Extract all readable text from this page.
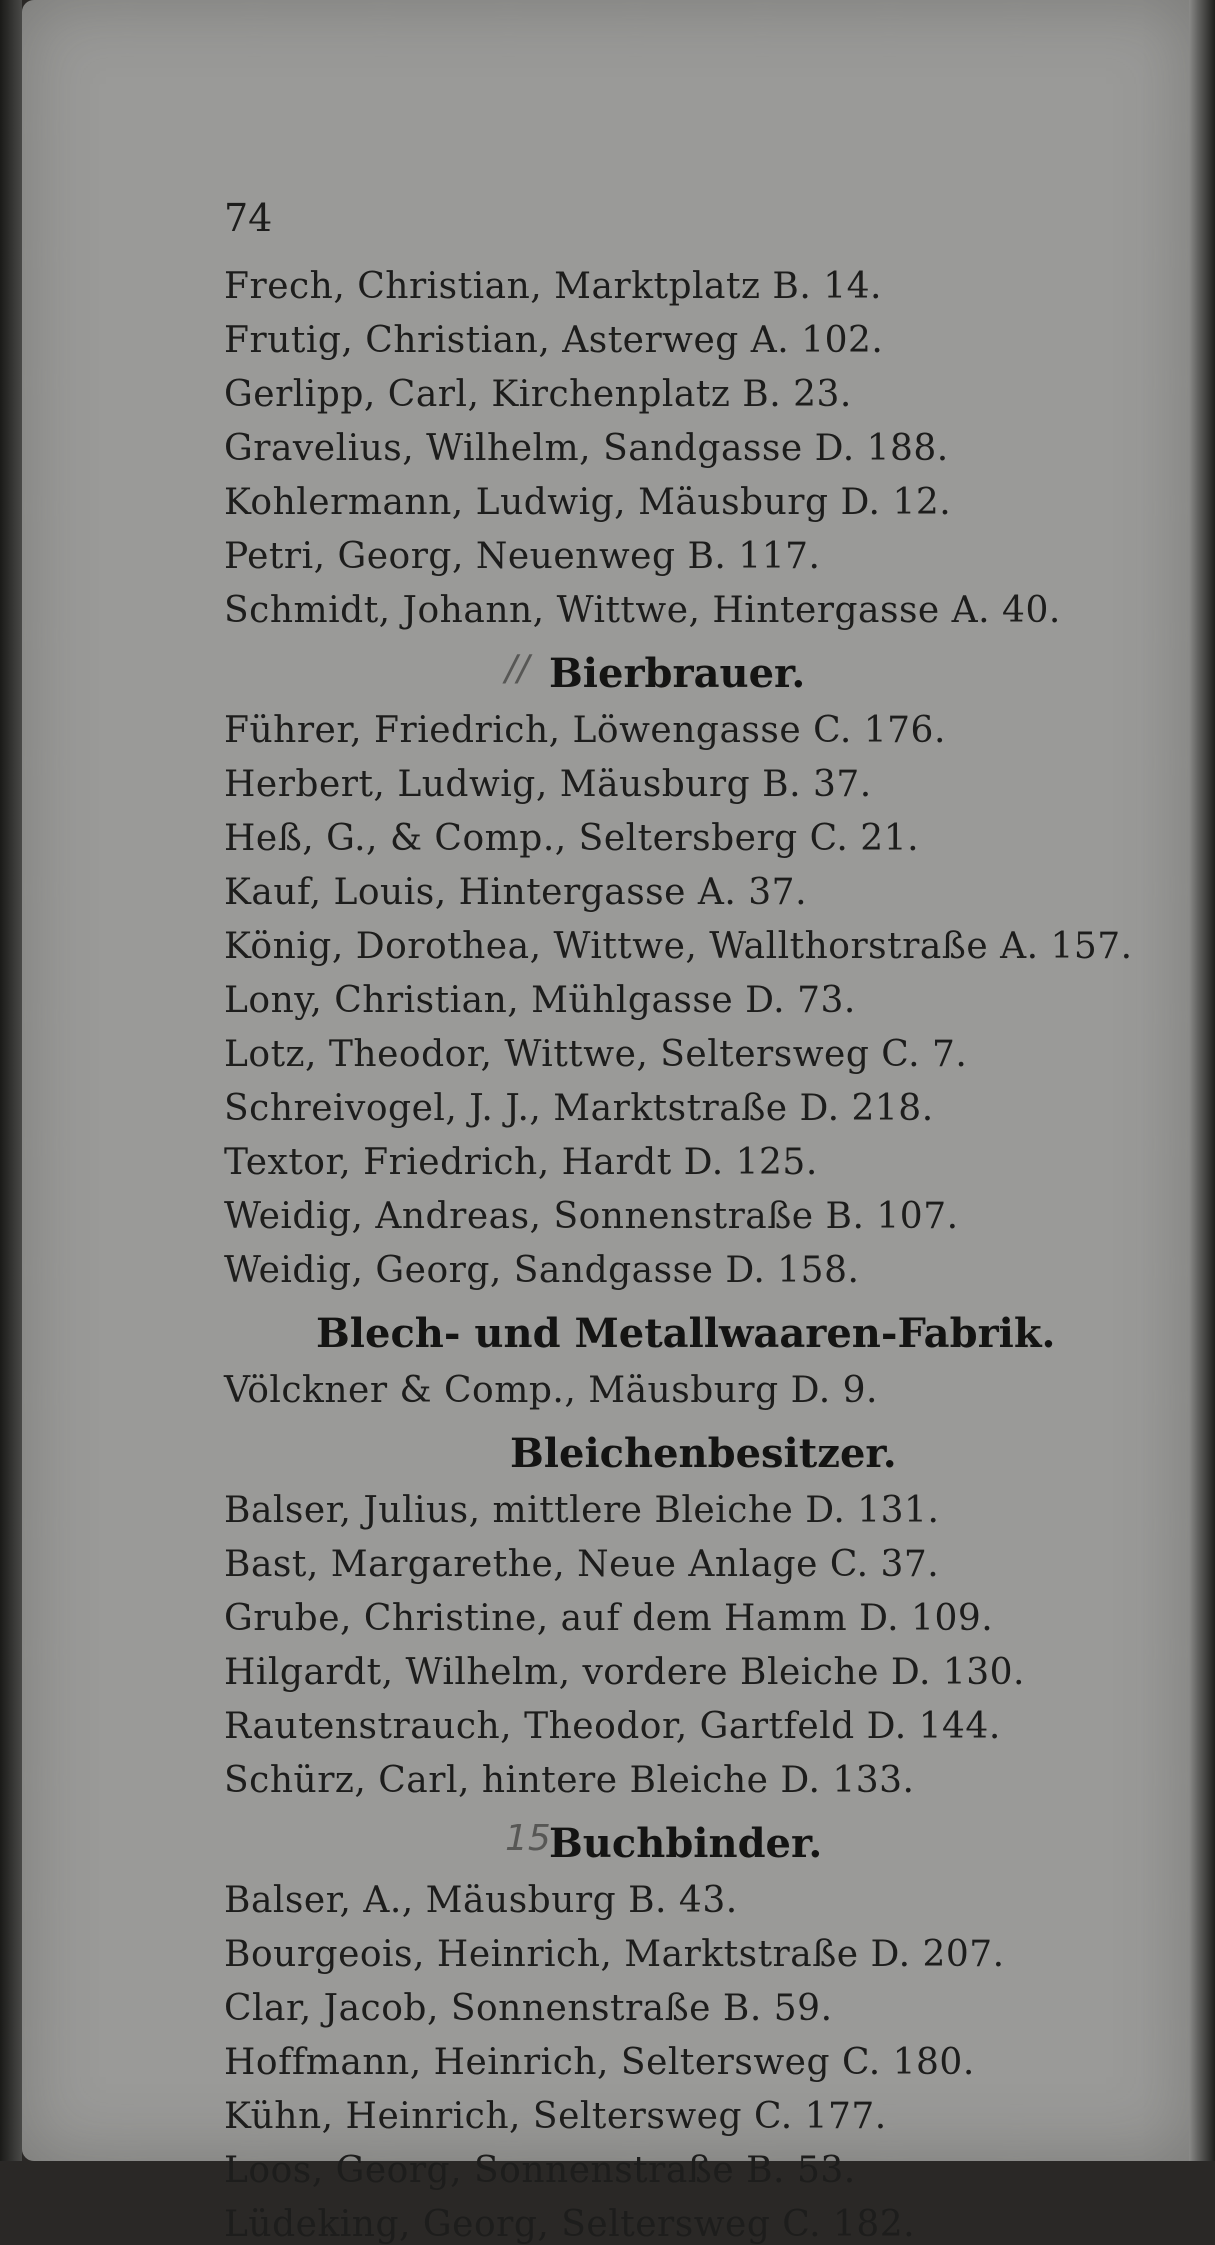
74
Frech, Christian, Marktplatz B. 14.
Frutig, Christian, Asterweg A. 102.
Gerlipp, Carl, Kirchenplatz B. 23.
Gravelius, Wilhelm, Sandgasse D. 188.
Kohlermann, Ludwig, Mäusburg D. 12.
Petri, Georg, Neuenweg B. 117.
Schmidt, Johann, Wittwe, Hintergasse A. 40.
// Bierbrauer.
Führer, Friedrich, Löwengasse C. 176.
Herbert, Ludwig, Mäusburg B. 37.
Heß, G., & Comp., Seltersberg C. 21.
Kauf, Louis, Hintergasse A. 37.
König, Dorothea, Wittwe, Wallthorstraße A. 157.
Lony, Christian, Mühlgasse D. 73.
Lotz, Theodor, Wittwe, Seltersweg C. 7.
Schreivogel, J. J., Marktstraße D. 218.
Textor, Friedrich, Hardt D. 125.
Weidig, Andreas, Sonnenstraße B. 107.
Weidig, Georg, Sandgasse D. 158.
Blech- und Metallwaaren-Fabrik.
Völckner & Comp., Mäusburg D. 9.
Bleichenbesitzer.
Balser, Julius, mittlere Bleiche D. 131.
Bast, Margarethe, Neue Anlage C. 37.
Grube, Christine, auf dem Hamm D. 109.
Hilgardt, Wilhelm, vordere Bleiche D. 130.
Rautenstrauch, Theodor, Gartfeld D. 144.
Schürz, Carl, hintere Bleiche D. 133.
15
Buchbinder.
Balser, A., Mäusburg B. 43.
Bourgeois, Heinrich, Marktstraße D. 207.
Clar, Jacob, Sonnenstraße B. 59.
Hoffmann, Heinrich, Seltersweg C. 180.
Kühn, Heinrich, Seltersweg C. 177.
Loos, Georg, Sonnenstraße B. 53.
Lüdeking, Georg, Seltersweg C. 182.
